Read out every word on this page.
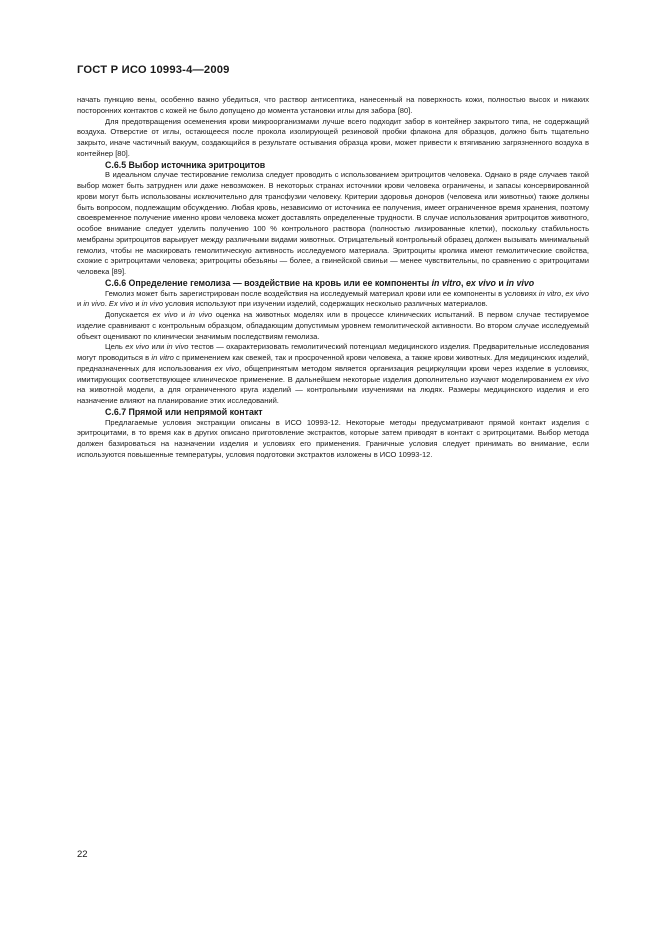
ГОСТ Р ИСО 10993-4—2009

начать пункцию вены, особенно важно убедиться, что раствор антисептика, нанесенный на поверхность кожи, полностью высох и никаких посторонних контактов с кожей не было допущено до момента установки иглы для забора [80].

Для предотвращения осеменения крови микроорганизмами лучше всего подходит забор в контейнер закрытого типа, не содержащий воздуха. Отверстие от иглы, остающееся после прокола изолирующей резиновой пробки флакона для образцов, должно быть тщательно закрыто, иначе частичный вакуум, создающийся в результате остывания образца крови, может привести к втягиванию загрязненного воздуха в контейнер [80].

С.6.5 Выбор источника эритроцитов

В идеальном случае тестирование гемолиза следует проводить с использованием эритроцитов человека. Однако в ряде случаев такой выбор может быть затруднен или даже невозможен. В некоторых странах источники крови человека ограничены, и запасы консервированной крови могут быть использованы исключительно для трансфузии человеку. Критерии здоровья доноров (человека или животных) также должны быть вопросом, подлежащим обсуждению. Любая кровь, независимо от источника ее получения, имеет ограниченное время хранения, поэтому своевременное получение именно крови человека может доставлять определенные трудности. В случае использования эритроцитов животного, особое внимание следует уделить получению 100 % контрольного раствора (полностью лизированные клетки), поскольку стабильность мембраны эритроцитов варьирует между различными видами животных. Отрицательный контрольный образец должен вызывать минимальный гемолиз, чтобы не маскировать гемолитическую активность исследуемого материала. Эритроциты кролика имеют гемолитические свойства, схожие с эритроцитами человека; эритроциты обезьяны — более, а гвинейской свиньи — менее чувствительны, по сравнению с эритроцитами человека [89].

С.6.6 Определение гемолиза — воздействие на кровь или ее компоненты in vitro, ex vivo и in vivo

Гемолиз может быть зарегистрирован после воздействия на исследуемый материал крови или ее компоненты в условиях in vitro, ex vivo и in vivo. Ex vivo и in vivo условия используют при изучении изделий, содержащих несколько различных материалов.

Допускается ex vivo и in vivo оценка на животных моделях или в процессе клинических испытаний. В первом случае тестируемое изделие сравнивают с контрольным образцом, обладающим допустимым уровнем гемолитической активности. Во втором случае исследуемый объект оценивают по клинически значимым последствиям гемолиза.

Цель ex vivo или in vivo тестов — охарактеризовать гемолитический потенциал медицинского изделия. Предварительные исследования могут проводиться в in vitro с применением как свежей, так и просроченной крови человека, а также крови животных. Для медицинских изделий, предназначенных для использования ex vivo, общепринятым методом является организация рециркуляции крови через изделие в условиях, имитирующих соответствующее клиническое применение. В дальнейшем некоторые изделия дополнительно изучают моделированием ex vivo на животной модели, а для ограниченного круга изделий — контрольными изучениями на людях. Размеры медицинского изделия и его назначение влияют на планирование этих исследований.

С.6.7 Прямой или непрямой контакт

Предлагаемые условия экстракции описаны в ИСО 10993-12. Некоторые методы предусматривают прямой контакт изделия с эритроцитами, в то время как в других описано приготовление экстрактов, которые затем приводят в контакт с эритроцитами. Выбор метода должен базироваться на назначении изделия и условиях его применения. Граничные условия следует принимать во внимание, если используются повышенные температуры, условия подготовки экстрактов изложены в ИСО 10993-12.

22
